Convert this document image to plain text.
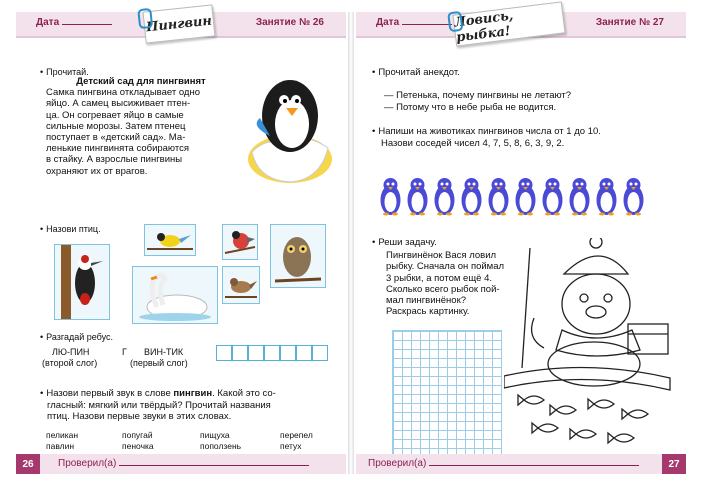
Дата	Занятие № 26
Пингвин
• Прочитай.
Детский сад для пингвинят
Самка пингвина откладывает одно
яйцо. А самец высиживает птен-
ца. Он согревает яйцо в самые
сильные морозы. Затем птенец
поступает в «детский сад». Ма-
ленькие пингвинята собираются
в стайку. А взрослые пингвины
охраняют их от врагов.
• Назови птиц.
• Разгадай ребус.
ЛЮ-ПИН	Г ВИН-ТИК
(второй слог)	(первый слог)
• Назови первый звук в слове пингвин. Какой это со-
гласный: мягкий или твёрдый? Прочитай названия
птиц. Назови первые звуки в этих словах.
пеликан	попугай	пищуха	перепел
павлин	пеночка	поползень	петух
Проверил(а)
26
Дата	Занятие № 27
Ловись, рыбка!
• Прочитай анекдот.
— Петенька, почему пингвины не летают?
— Потому что в небе рыба не водится.
• Напиши на животиках пингвинов числа от 1 до 10.
Назови соседей чисел 4, 7, 5, 8, 6, 3, 9, 2.
• Реши задачу.
Пингвинёнок Вася ловил
рыбку. Сначала он поймал
3 рыбки, а потом ещё 4.
Сколько всего рыбок пой-
мал пингвинёнок?
Раскрась картинку.
Проверил(а)	27
